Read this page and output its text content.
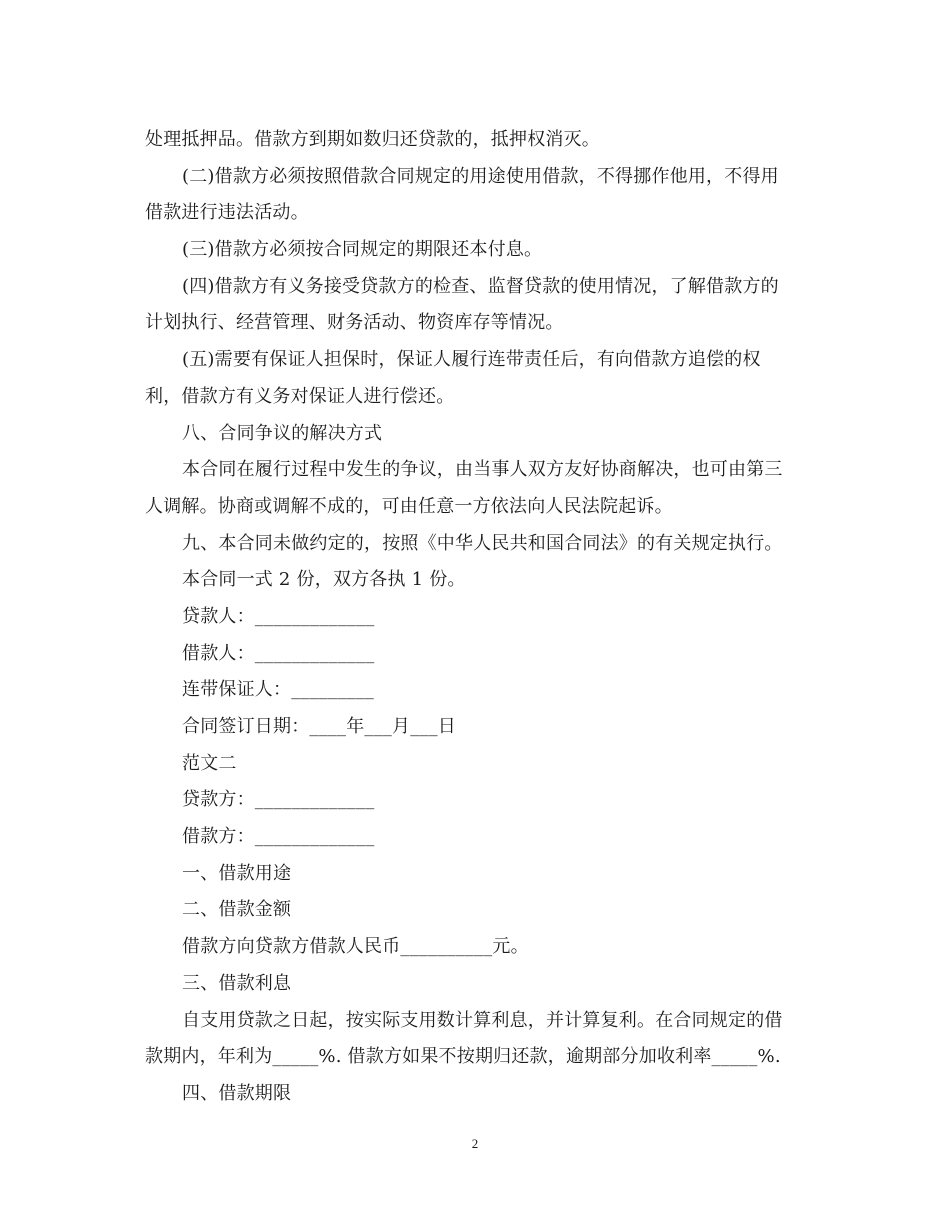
处理抵押品。借款方到期如数归还贷款的，抵押权消灭。
(二)借款方必须按照借款合同规定的用途使用借款，不得挪作他用，不得用
借款进行违法活动。
(三)借款方必须按合同规定的期限还本付息。
(四)借款方有义务接受贷款方的检查、监督贷款的使用情况，了解借款方的
计划执行、经营管理、财务活动、物资库存等情况。
(五)需要有保证人担保时，保证人履行连带责任后，有向借款方追偿的权
利，借款方有义务对保证人进行偿还。
八、合同争议的解决方式
本合同在履行过程中发生的争议，由当事人双方友好协商解决，也可由第三
人调解。协商或调解不成的，可由任意一方依法向人民法院起诉。
九、本合同未做约定的，按照《中华人民共和国合同法》的有关规定执行。
本合同一式 2 份，双方各执 1 份。
贷款人：_____________
借款人：_____________
连带保证人：_________
合同签订日期：____年___月___日
范文二
贷款方：_____________
借款方：_____________
一、借款用途
二、借款金额
借款方向贷款方借款人民币__________元。
三、借款利息
自支用贷款之日起，按实际支用数计算利息，并计算复利。在合同规定的借
款期内，年利为_____%. 借款方如果不按期归还款，逾期部分加收利率_____%.
四、借款期限
2
